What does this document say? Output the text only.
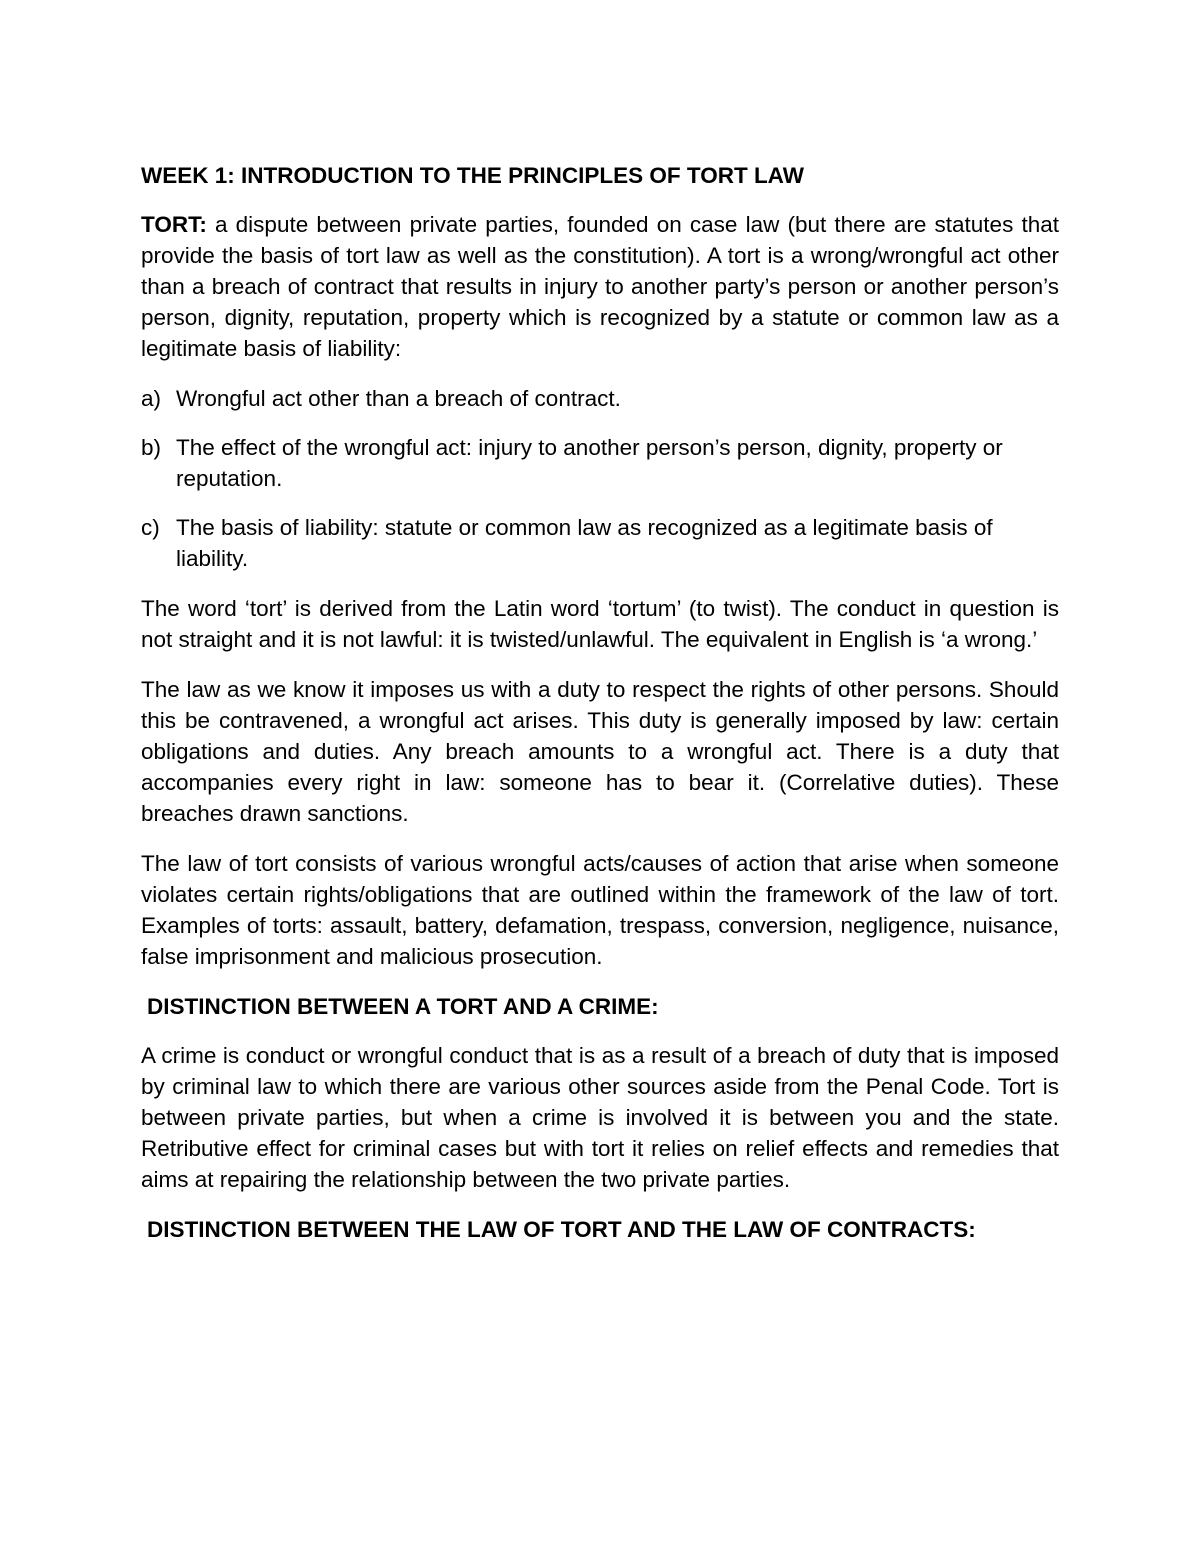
WEEK 1: INTRODUCTION TO THE PRINCIPLES OF TORT LAW

TORT: a dispute between private parties, founded on case law (but there are statutes that provide the basis of tort law as well as the constitution). A tort is a wrong/wrongful act other than a breach of contract that results in injury to another party’s person or another person’s person, dignity, reputation, property which is recognized by a statute or common law as a legitimate basis of liability:

a) Wrongful act other than a breach of contract.
b) The effect of the wrongful act: injury to another person’s person, dignity, property or reputation.
c) The basis of liability: statute or common law as recognized as a legitimate basis of liability.

The word ‘tort’ is derived from the Latin word ‘tortum’ (to twist). The conduct in question is not straight and it is not lawful: it is twisted/unlawful. The equivalent in English is ‘a wrong.’

The law as we know it imposes us with a duty to respect the rights of other persons. Should this be contravened, a wrongful act arises. This duty is generally imposed by law: certain obligations and duties. Any breach amounts to a wrongful act. There is a duty that accompanies every right in law: someone has to bear it. (Correlative duties). These breaches drawn sanctions.

The law of tort consists of various wrongful acts/causes of action that arise when someone violates certain rights/obligations that are outlined within the framework of the law of tort. Examples of torts: assault, battery, defamation, trespass, conversion, negligence, nuisance, false imprisonment and malicious prosecution.

DISTINCTION BETWEEN A TORT AND A CRIME:

A crime is conduct or wrongful conduct that is as a result of a breach of duty that is imposed by criminal law to which there are various other sources aside from the Penal Code. Tort is between private parties, but when a crime is involved it is between you and the state. Retributive effect for criminal cases but with tort it relies on relief effects and remedies that aims at repairing the relationship between the two private parties.

DISTINCTION BETWEEN THE LAW OF TORT AND THE LAW OF CONTRACTS:
